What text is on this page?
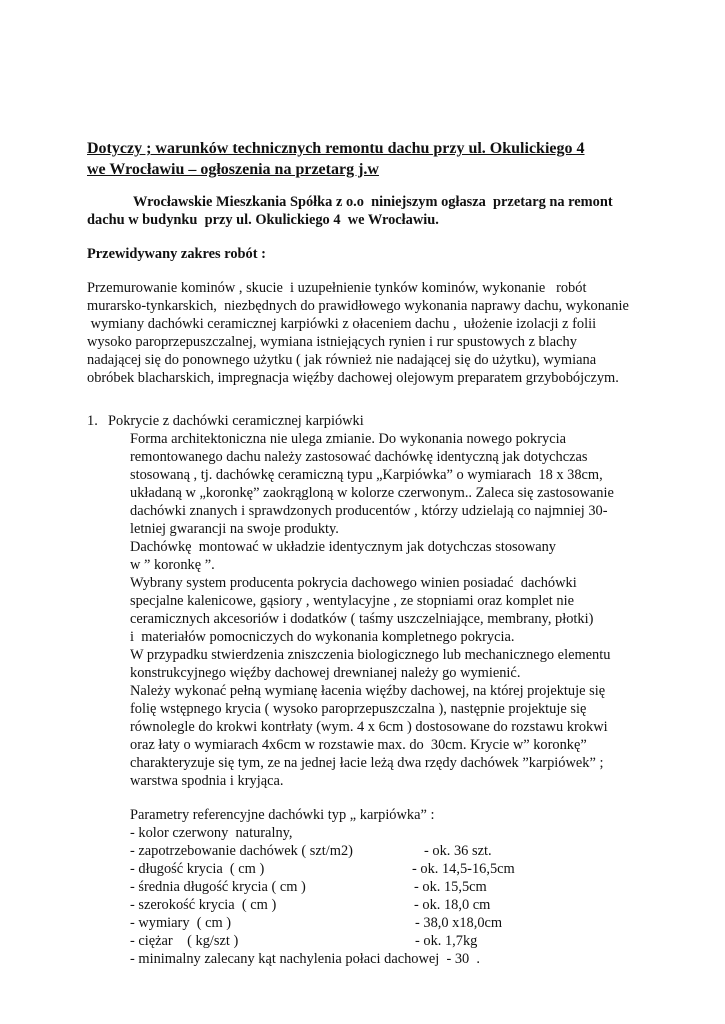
Dotyczy ; warunków technicznych remontu dachu przy ul. Okulickiego 4
we Wrocławiu – ogłoszenia na przetarg j.w
Wrocławskie Mieszkania Spółka z o.o  niniejszym ogłasza  przetarg na remont
dachu w budynku  przy ul. Okulickiego 4  we Wrocławiu.
Przewidywany zakres robót :
Przemurowanie kominów , skucie  i uzupełnienie tynków kominów, wykonanie   robót
murarsko-tynkarskich,  niezbędnych do prawidłowego wykonania naprawy dachu, wykonanie
wymiany dachówki ceramicznej karpiówki z ołaceniem dachu ,  ułożenie izolacji z folii
wysoko paroprzepuszczalnej, wymiana istniejących rynien i rur spustowych z blachy
nadającej się do ponownego użytku ( jak również nie nadającej się do użytku), wymiana
obróbek blacharskich, impregnacja więźby dachowej olejowym preparatem grzybobójczym.
1. Pokrycie z dachówki ceramicznej karpiówki
Forma architektoniczna nie ulega zmianie. Do wykonania nowego pokrycia
remontowanego dachu należy zastosować dachówkę identyczną jak dotychczas
stosowaną , tj. dachówkę ceramiczną typu „Karpiówka” o wymiarach  18 x 38cm,
układaną w „koronkę” zaokrągloną w kolorze czerwonym.. Zaleca się zastosowanie
dachówki znanych i sprawdzonych producentów , którzy udzielają co najmniej 30-
letniej gwarancji na swoje produkty.
Dachówkę  montować w układzie identycznym jak dotychczas stosowany
w ” koronkę ”.
Wybrany system producenta pokrycia dachowego winien posiadać  dachówki
specjalne kalenicowe, gąsiory , wentylacyjne , ze stopniami oraz komplet nie
ceramicznych akcesoriów i dodatków ( taśmy uszczelniające, membrany, płotki)
i  materiałów pomocniczych do wykonania kompletnego pokrycia.
W przypadku stwierdzenia zniszczenia biologicznego lub mechanicznego elementu
konstrukcyjnego więźby dachowej drewnianej należy go wymienić.
Należy wykonać pełną wymianę łacenia więźby dachowej, na której projektuje się
folię wstępnego krycia ( wysoko paroprzepuszczalna ), następnie projektuje się
równolegle do krokwi kontrłaty (wym. 4 x 6cm ) dostosowane do rozstawu krokwi
oraz łaty o wymiarach 4x6cm w rozstawie max. do  30cm. Krycie w” koronkę”
charakteryzuje się tym, ze na jednej łacie leżą dwa rzędy dachówek ”karpiówek” ;
warstwa spodnia i kryjąca.
Parametry referencyjne dachówki typ „ karpiówka” :
- kolor czerwony  naturalny,
- zapotrzebowanie dachówek ( szt/m2)	- ok. 36 szt.
- długość krycia  ( cm )	- ok. 14,5-16,5cm
- średnia długość krycia ( cm )	- ok. 15,5cm
- szerokość krycia  ( cm )	- ok. 18,0 cm
- wymiary  ( cm )	- 38,0 x18,0cm
- ciężar    ( kg/szt )	- ok. 1,7kg
- minimalny zalecany kąt nachylenia połaci dachowej  - 30  .
